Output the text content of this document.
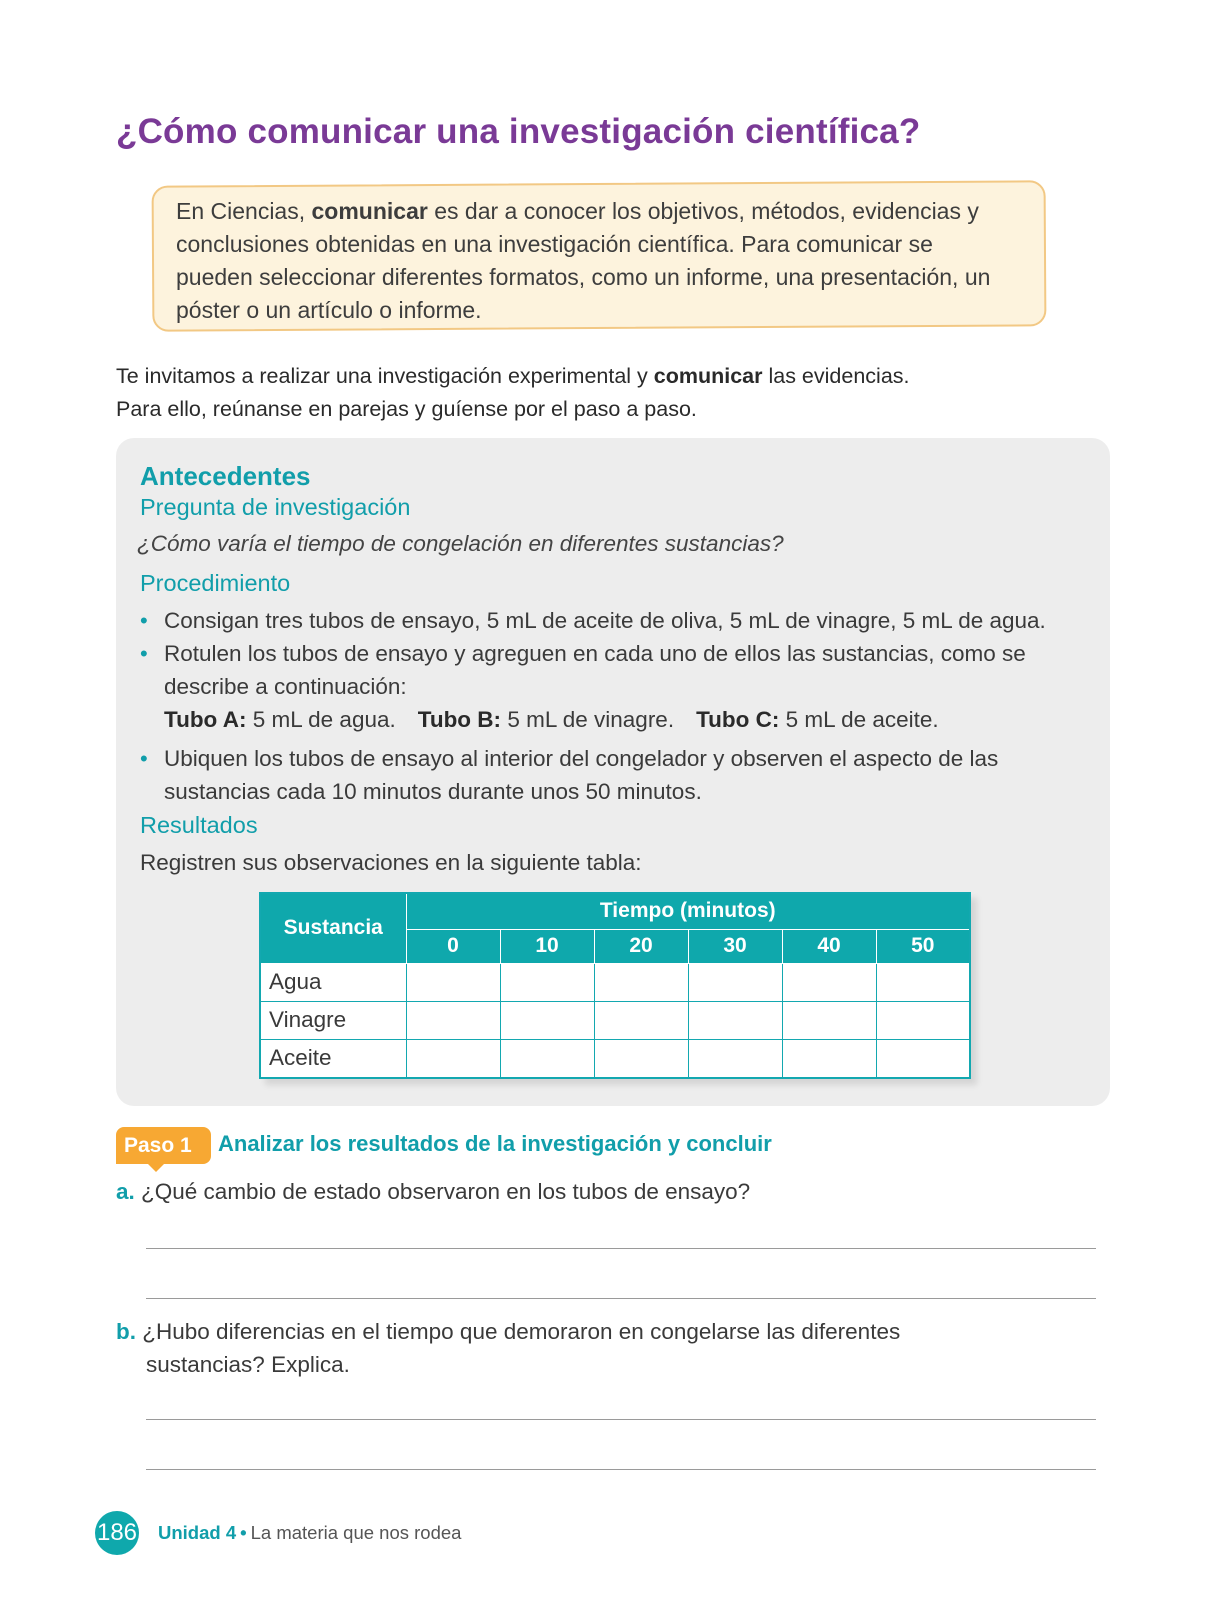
¿Cómo comunicar una investigación científica?

En Ciencias, comunicar es dar a conocer los objetivos, métodos, evidencias y conclusiones obtenidas en una investigación científica. Para comunicar se pueden seleccionar diferentes formatos, como un informe, una presentación, un póster o un artículo o informe.

Te invitamos a realizar una investigación experimental y comunicar las evidencias.
Para ello, reúnanse en parejas y guíense por el paso a paso.

Antecedentes
Pregunta de investigación

¿Cómo varía el tiempo de congelación en diferentes sustancias?

Procedimiento
• Consigan tres tubos de ensayo, 5 mL de aceite de oliva, 5 mL de vinagre, 5 mL de agua.
• Rotulen los tubos de ensayo y agreguen en cada uno de ellos las sustancias, como se describe a continuación:
Tubo A: 5 mL de agua. Tubo B: 5 mL de vinagre. Tubo C: 5 mL de aceite.
• Ubiquen los tubos de ensayo al interior del congelador y observen el aspecto de las sustancias cada 10 minutos durante unos 50 minutos.
Resultados

Registren sus observaciones en la siguiente tabla:

Sustancia	Tiempo (minutos)					
	0	10	20	30	40	50
Agua						
Vinagre						
Aceite						
Paso 1	Analizar los resultados de la investigación y concluir

a. ¿Qué cambio de estado observaron en los tubos de ensayo?

b. ¿Hubo diferencias en el tiempo que demoraron en congelarse las diferentes
sustancias? Explica.

186 Unidad 4 • La materia que nos rodea
